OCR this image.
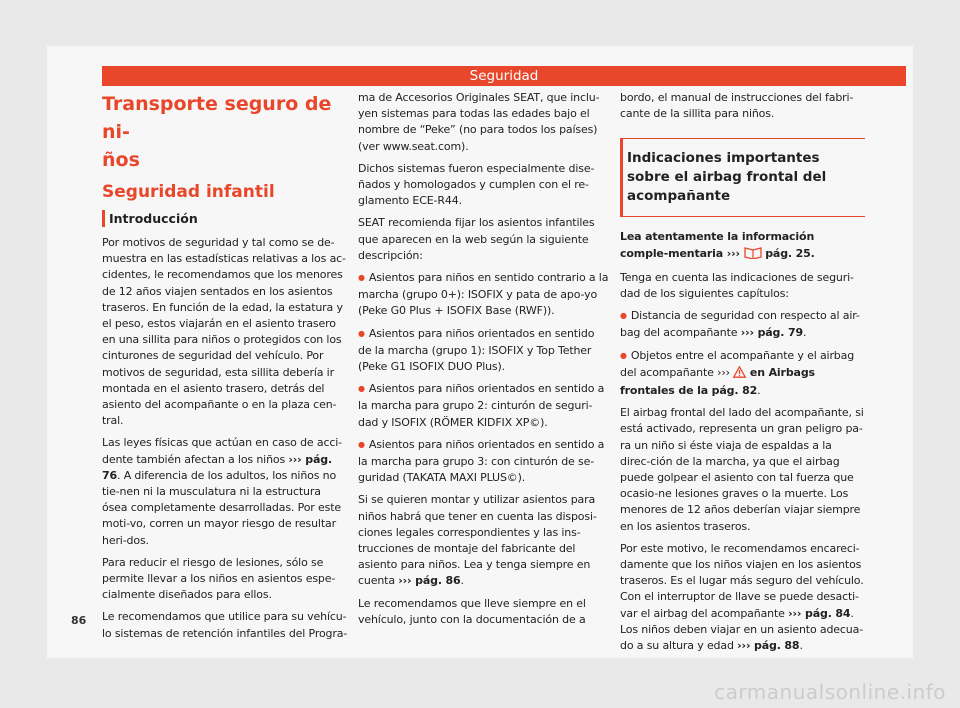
Seguridad
Transporte seguro de ni-
ños
Seguridad infantil
Introducción

Por motivos de seguridad y tal como se de-muestra en las estadísticas relativas a los ac-cidentes, le recomendamos que los menores de 12 años viajen sentados en los asientos traseros. En función de la edad, la estatura y el peso, estos viajarán en el asiento trasero en una sillita para niños o protegidos con los cinturones de seguridad del vehículo. Por motivos de seguridad, esta sillita debería ir montada en el asiento trasero, detrás del asiento del acompañante o en la plaza cen-tral.

Las leyes físicas que actúan en caso de acci-dente también afectan a los niños ››› pág. 76. A diferencia de los adultos, los niños no tie-nen ni la musculatura ni la estructura ósea completamente desarrolladas. Por este moti-vo, corren un mayor riesgo de resultar heri-dos.

Para reducir el riesgo de lesiones, sólo se permite llevar a los niños en asientos espe-cialmente diseñados para ellos.

Le recomendamos que utilice para su vehícu-lo sistemas de retención infantiles del Progra-

ma de Accesorios Originales SEAT, que inclu-yen sistemas para todas las edades bajo el nombre de “Peke” (no para todos los países) (ver www.seat.com).

Dichos sistemas fueron especialmente dise-ñados y homologados y cumplen con el re-glamento ECE-R44.

SEAT recomienda fijar los asientos infantiles que aparecen en la web según la siguiente descripción:

● Asientos para niños en sentido contrario a la marcha (grupo 0+): ISOFIX y pata de apo-yo (Peke G0 Plus + ISOFIX Base (RWF)).

● Asientos para niños orientados en sentido de la marcha (grupo 1): ISOFIX y Top Tether (Peke G1 ISOFIX DUO Plus).

● Asientos para niños orientados en sentido a la marcha para grupo 2: cinturón de seguri-dad y ISOFIX (RÖMER KIDFIX XP©).

● Asientos para niños orientados en sentido a la marcha para grupo 3: con cinturón de se-guridad (TAKATA MAXI PLUS©).

Si se quieren montar y utilizar asientos para niños habrá que tener en cuenta las disposi-ciones legales correspondientes y las ins-trucciones de montaje del fabricante del asiento para niños. Lea y tenga siempre en cuenta ››› pág. 86.

Le recomendamos que lleve siempre en el vehículo, junto con la documentación de a

bordo, el manual de instrucciones del fabri-cante de la sillita para niños.

Indicaciones importantes sobre el airbag frontal del acompañante

Lea atentamente la información comple-mentaria ›››  pág. 25.

Tenga en cuenta las indicaciones de seguri-dad de los siguientes capítulos:

● Distancia de seguridad con respecto al air-bag del acompañante ››› pág. 79.

● Objetos entre el acompañante y el airbag del acompañante ›››  en Airbags frontales de la pág. 82.

El airbag frontal del lado del acompañante, si está activado, representa un gran peligro pa-ra un niño si éste viaja de espaldas a la direc-ción de la marcha, ya que el airbag puede golpear el asiento con tal fuerza que ocasio-ne lesiones graves o la muerte. Los menores de 12 años deberían viajar siempre en los asientos traseros.

Por este motivo, le recomendamos encareci-damente que los niños viajen en los asientos traseros. Es el lugar más seguro del vehículo. Con el interruptor de llave se puede desacti-var el airbag del acompañante ››› pág. 84. Los niños deben viajar en un asiento adecua-do a su altura y edad ››› pág. 88.

86
carmanualsonline.info
